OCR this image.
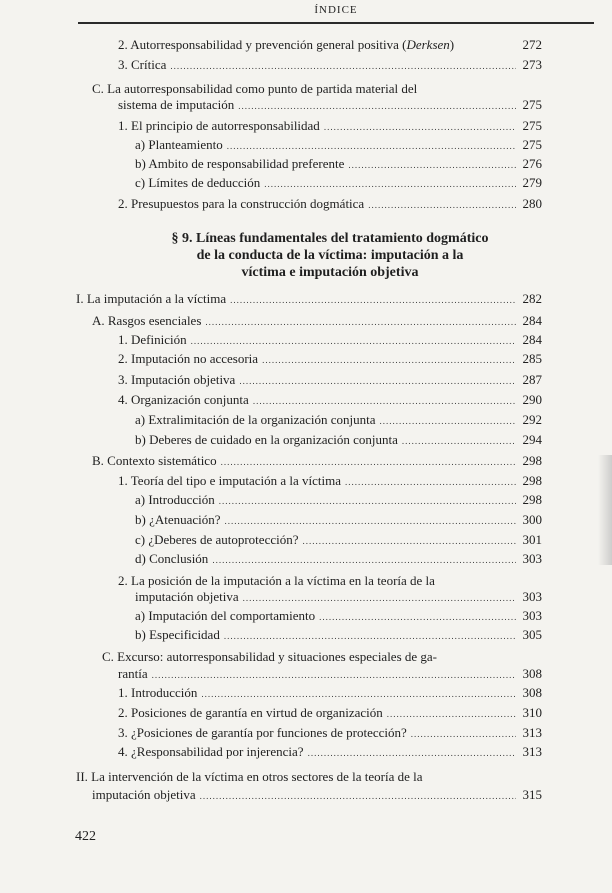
ÍNDICE
2. Autorresponsabilidad y prevención general positiva (Derksen)	272
3. Crítica .....	273
C. La autorresponsabilidad como punto de partida material del
sistema de imputación .....	275
1. El principio de autorresponsabilidad .....	275
a) Planteamiento .....	275
b) Ambito de responsabilidad preferente .....	276
c) Límites de deducción .....	279
2. Presupuestos para la construcción dogmática .....	280
§ 9. Líneas fundamentales del tratamiento dogmático
de la conducta de la víctima: imputación a la
víctima e imputación objetiva
I. La imputación a la víctima .....	282
A. Rasgos esenciales .....	284
1. Definición .....	284
2. Imputación no accesoria .....	285
3. Imputación objetiva .....	287
4. Organización conjunta .....	290
a) Extralimitación de la organización conjunta .....	292
b) Deberes de cuidado en la organización conjunta .....	294
B. Contexto sistemático .....	298
1. Teoría del tipo e imputación a la víctima .....	298
a) Introducción .....	298
b) ¿Atenuación? .....	300
c) ¿Deberes de autoprotección? .....	301
d) Conclusión .....	303
2. La posición de la imputación a la víctima en la teoría de la
imputación objetiva .....	303
a) Imputación del comportamiento .....	303
b) Especificidad .....	305
C. Excurso: autorresponsabilidad y situaciones especiales de ga-
rantía .....	308
1. Introducción .....	308
2. Posiciones de garantía en virtud de organización .....	310
3. ¿Posiciones de garantía por funciones de protección? .....	313
4. ¿Responsabilidad por injerencia? .....	313
II. La intervención de la víctima en otros sectores de la teoría de la
imputación objetiva .....	315
422
